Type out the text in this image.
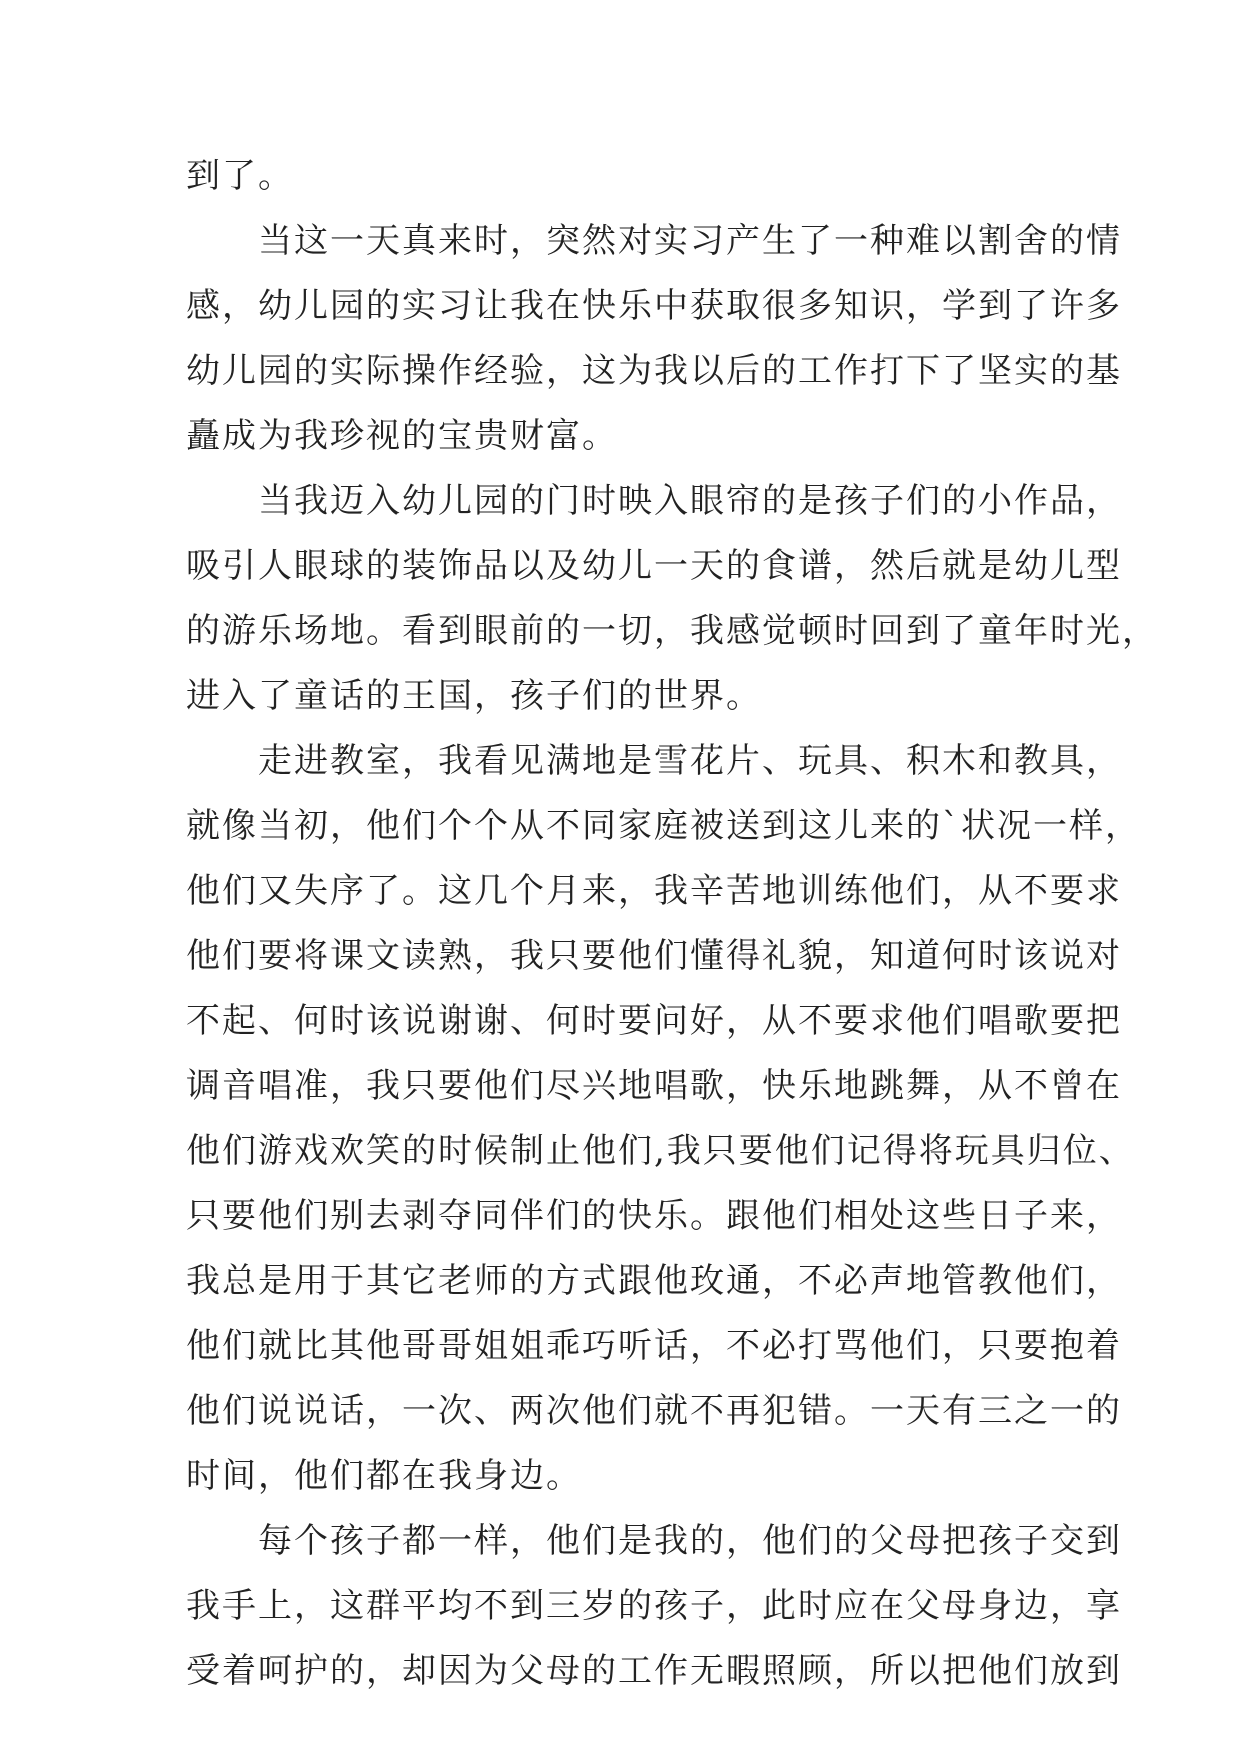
到了。
　　当这一天真来时，突然对实习产生了一种难以割舍的情
感，幼儿园的实习让我在快乐中获取很多知识，学到了许多
幼儿园的实际操作经验，这为我以后的工作打下了坚实的基
矗成为我珍视的宝贵财富。
　　当我迈入幼儿园的门时映入眼帘的是孩子们的小作品，
吸引人眼球的装饰品以及幼儿一天的食谱，然后就是幼儿型
的游乐场地。看到眼前的一切，我感觉顿时回到了童年时光，
进入了童话的王国，孩子们的世界。
　　走进教室，我看见满地是雪花片、玩具、积木和教具，
就像当初，他们个个从不同家庭被送到这儿来的`状况一样，
他们又失序了。这几个月来，我辛苦地训练他们，从不要求
他们要将课文读熟，我只要他们懂得礼貌，知道何时该说对
不起、何时该说谢谢、何时要问好，从不要求他们唱歌要把
调音唱准，我只要他们尽兴地唱歌，快乐地跳舞，从不曾在
他们游戏欢笑的时候制止他们,我只要他们记得将玩具归位、
只要他们别去剥夺同伴们的快乐。跟他们相处这些日子来，
我总是用于其它老师的方式跟他玫通，不必声地管教他们，
他们就比其他哥哥姐姐乖巧听话，不必打骂他们，只要抱着
他们说说话，一次、两次他们就不再犯错。一天有三之一的
时间，他们都在我身边。
　　每个孩子都一样，他们是我的，他们的父母把孩子交到
我手上，这群平均不到三岁的孩子，此时应在父母身边，享
受着呵护的，却因为父母的工作无暇照顾，所以把他们放到
